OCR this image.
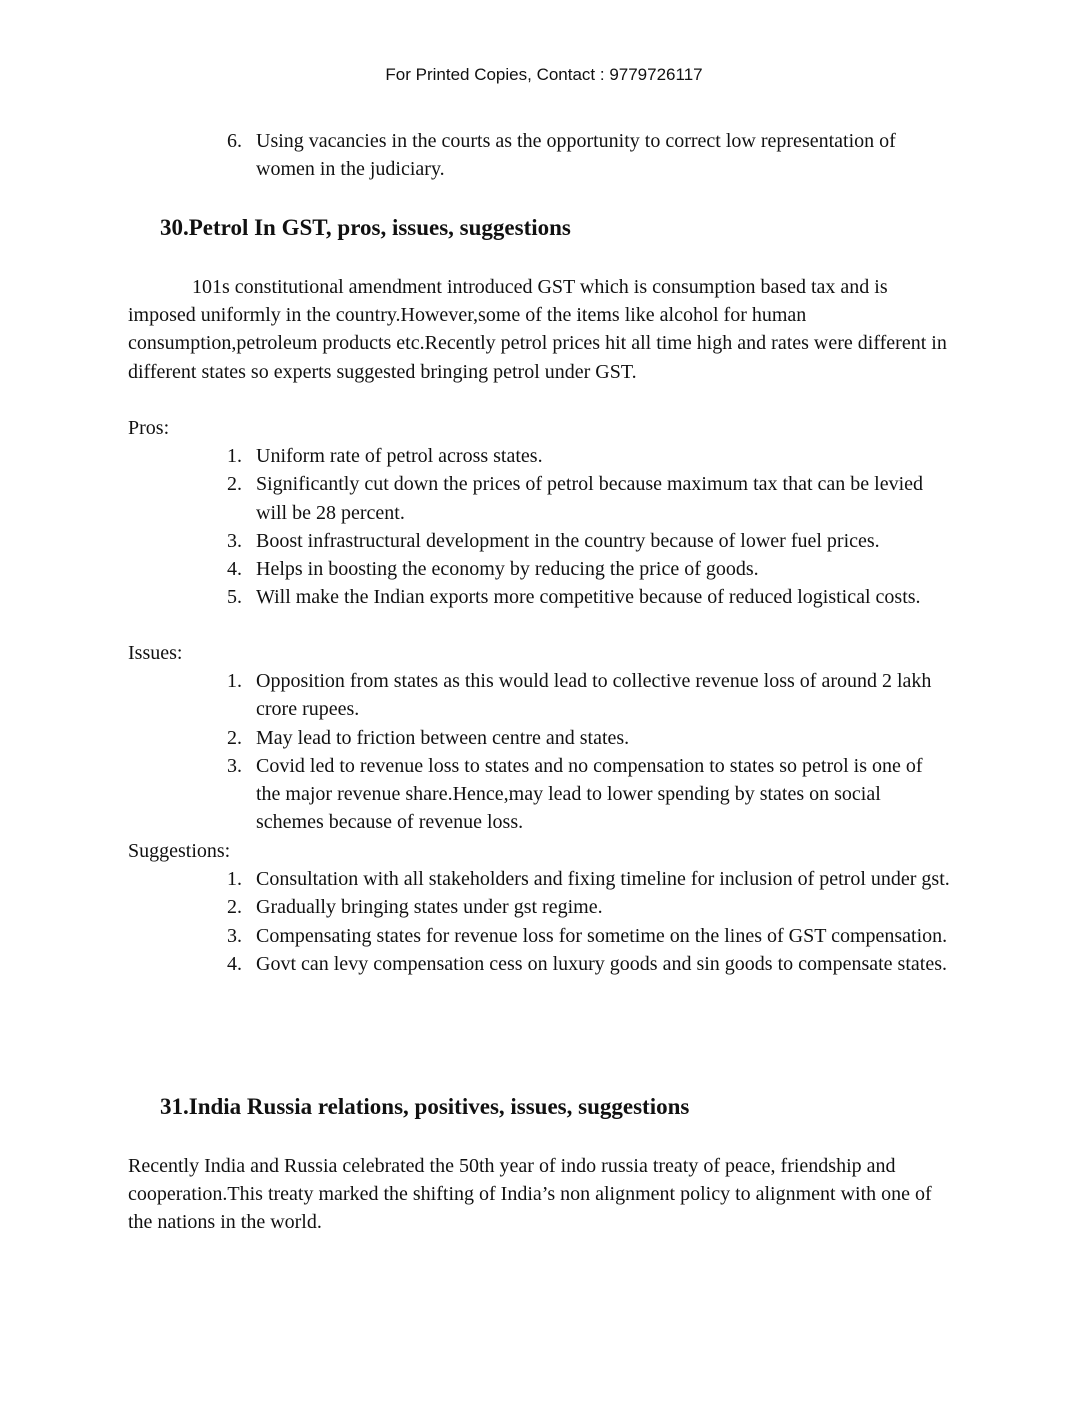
For Printed Copies, Contact : 9779726117
6. Using vacancies in the courts as the opportunity to correct low representation of women in the judiciary.
30.Petrol In GST, pros, issues, suggestions

101s constitutional amendment introduced GST which is consumption based tax and is imposed uniformly in the country.However,some of the items like alcohol for human consumption,petroleum products etc.Recently petrol prices hit all time high and rates were different in different states so experts suggested bringing petrol under GST.

Pros:

1. Uniform rate of petrol across states.
2. Significantly cut down the prices of petrol because maximum tax that can be levied will be 28 percent.
3. Boost infrastructural development in the country because of lower fuel prices.
4. Helps in boosting the economy by reducing the price of goods.
5. Will make the Indian exports more competitive because of reduced logistical costs.

Issues:

1. Opposition from states as this would lead to collective revenue loss of around 2 lakh crore rupees.
2. May lead to friction between centre and states.
3. Covid led to revenue loss to states and no compensation to states so petrol is one of the major revenue share.Hence,may lead to lower spending by states on social schemes because of revenue loss.

Suggestions:

1. Consultation with all stakeholders and fixing timeline for inclusion of petrol under gst.
2. Gradually bringing states under gst regime.
3. Compensating states for revenue loss for sometime on the lines of GST compensation.
4. Govt can levy compensation cess on luxury goods and sin goods to compensate states.
31.India Russia relations, positives, issues, suggestions

Recently India and Russia celebrated the 50th year of indo russia treaty of peace, friendship and cooperation.This treaty marked the shifting of India’s non alignment policy to alignment with one of the nations in the world.
